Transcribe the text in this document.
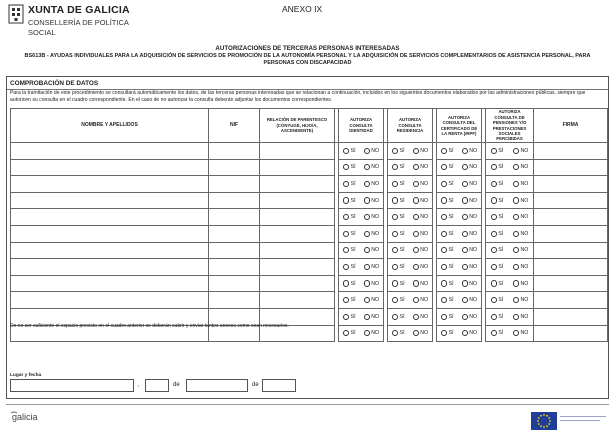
XUNTA DE GALICIA
CONSELLERÍA DE POLÍTICA
SOCIAL
ANEXO IX
AUTORIZACIONES DE TERCERAS PERSONAS INTERESADAS
BS613B - AYUDAS INDIVIDUALES PARA LA ADQUISICIÓN DE SERVICIOS DE PROMOCIÓN DE LA AUTONOMÍA PERSONAL Y LA ADQUISICIÓN DE SERVICIOS COMPLEMENTARIOS DE ASISTENCIA PERSONAL, PARA PERSONAS CON DISCAPACIDAD
COMPROBACIÓN DE DATOS

Para la tramitación de este procedimiento se consultará automáticamente los datos, de las terceras personas interesadas que se relacionan a continuación, incluidos en los siguientes documentos elaborados por las administraciones públicas, siempre que autoricen su consulta en el cuadro correspondiente. En el caso de no autorizar la consulta deberán adjuntar los documentos correspondientes.

NOMBRE Y APELLIDOS	NIF	RELACIÓN DE PARENTESCO (CÓNYUGE, HIJO/A, ASCENDIENTE)		AUTORIZA CONSULTA IDENTIDAD		AUTORIZA CONSULTA RESIDENCIA		AUTORIZA CONSULTA DEL CERTIFICADO DE LA RENTA (IRPF)		AUTORIZA CONSULTA DE PENSIONES Y/O PRESTACIONES SOCIALES PERCIBIDAS	FIRMA

				SÍ NO		SÍ NO		SÍ NO		SÍ NO	

				SÍ NO		SÍ NO		SÍ NO		SÍ NO	

				SÍ NO		SÍ NO		SÍ NO		SÍ NO	

				SÍ NO		SÍ NO		SÍ NO		SÍ NO	

				SÍ NO		SÍ NO		SÍ NO		SÍ NO	

				SÍ NO		SÍ NO		SÍ NO		SÍ NO	

				SÍ NO		SÍ NO		SÍ NO		SÍ NO	

				SÍ NO		SÍ NO		SÍ NO		SÍ NO	

				SÍ NO		SÍ NO		SÍ NO		SÍ NO	

				SÍ NO		SÍ NO		SÍ NO		SÍ NO	

				SÍ NO		SÍ NO		SÍ NO		SÍ NO	

				SÍ NO		SÍ NO		SÍ NO		SÍ NO	

De no ser suficiente el espacio previsto en el cuadro anterior se deberán cubrir y enviar tantos anexos como sean necesarios.
Lugar y fecha
,	de	de
galicia
